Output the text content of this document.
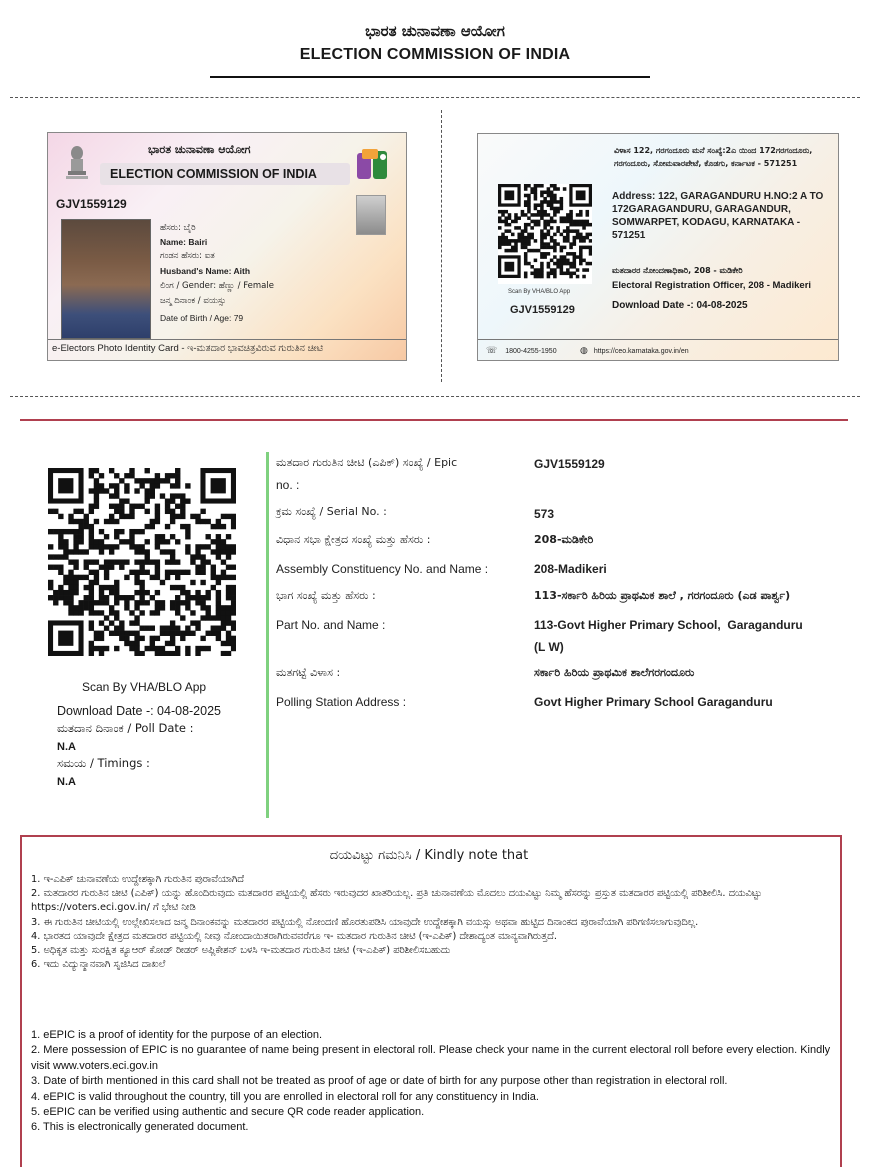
ಭಾರತ ಚುನಾವಣಾ ಆಯೋಗ
ELECTION COMMISSION OF INDIA
ಭಾರತ ಚುನಾವಣಾ ಆಯೋಗ
ELECTION COMMISSION OF INDIA
GJV1559129
ಹೆಸರು: ಬೈರಿ
Name: Bairi
ಗಂಡನ ಹೆಸರು: ಐತ
Husband's Name: Aith
ಲಿಂಗ / Gender: ಹೆಣ್ಣು / Female
ಜನ್ಮ ದಿನಾಂಕ / ವಯಸ್ಸು
Date of Birth / Age: 79
e-Electors Photo Identity Card - ಇ-ಮತದಾರ ಭಾವಚಿತ್ರವಿರುವ ಗುರುತಿನ ಚೀಟಿ
Scan By VHA/BLO App
GJV1559129
ವಿಳಾಸ 122, ಗರಗಂದೂರು ಮನೆ ಸಂಖ್ಯೆ:2ಎ ಯಿಂದ 172ಗರಗಂದೂರು, ಗರಗಂದೂರು, ಸೋಮವಾರಪೇಟೆ, ಕೊಡಗು, ಕರ್ನಾಟಕ - 571251
Address: 122, GARAGANDURU H.NO:2 A TO 172GARAGANDURU, GARAGANDUR, SOMWARPET, KODAGU, KARNATAKA - 571251
ಮತದಾರರ ನೋಂದಣಾಧಿಕಾರಿ, 208 - ಮಡಿಕೇರಿ
Electoral Registration Officer, 208 - Madikeri
Download Date -: 04-08-2025
☏ 1800-4255-1950	◍ https://ceo.karnataka.gov.in/en
Scan By VHA/BLO App
Download Date -: 04-08-2025
ಮತದಾನ ದಿನಾಂಕ / Poll Date :
N.A
ಸಮಯ / Timings :
N.A
ಮತದಾರ ಗುರುತಿನ ಚೀಟಿ (ಎಪಿಕ್) ಸಂಖ್ಯೆ / Epic
no. :
GJV1559129
ಕ್ರಮ ಸಂಖ್ಯೆ / Serial No. :	573
ವಿಧಾನ ಸಭಾ ಕ್ಷೇತ್ರದ ಸಂಖ್ಯೆ ಮತ್ತು ಹೆಸರು :	208-ಮಡಿಕೇರಿ
Assembly Constituency No. and Name :	208-Madikeri
ಭಾಗ ಸಂಖ್ಯೆ ಮತ್ತು ಹೆಸರು :	113-ಸರ್ಕಾರಿ ಹಿರಿಯ ಪ್ರಾಥಮಿಕ ಶಾಲೆ , ಗರಗಂದೂರು (ಎಡ ಪಾರ್ಶ್ವ)
Part No. and Name :	113-Govt Higher Primary School,  Garaganduru
(L W)
ಮತಗಟ್ಟೆ ವಿಳಾಸ :	ಸರ್ಕಾರಿ ಹಿರಿಯ ಪ್ರಾಥಮಿಕ ಶಾಲೆಗರಗಂದೂರು
Polling Station Address :	Govt Higher Primary School Garaganduru
ದಯವಿಟ್ಟು ಗಮನಿಸಿ / Kindly note that
1. ಇ-ಎಪಿಕ್ ಚುನಾವಣೆಯ ಉದ್ದೇಶಕ್ಕಾಗಿ ಗುರುತಿನ ಪುರಾವೆಯಾಗಿದೆ
2. ಮತದಾರರ ಗುರುತಿನ ಚೀಟಿ (ಎಪಿಕ್) ಯನ್ನು ಹೊಂದಿರುವುದು ಮತದಾರರ ಪಟ್ಟಿಯಲ್ಲಿ ಹೆಸರು ಇರುವುದರ ಖಾತರಿಯಲ್ಲ. ಪ್ರತಿ ಚುನಾವಣೆಯ ಮೊದಲು ದಯವಿಟ್ಟು ನಿಮ್ಮ ಹೆಸರನ್ನು ಪ್ರಸ್ತುತ ಮತದಾರರ ಪಟ್ಟಿಯಲ್ಲಿ ಪರಿಶೀಲಿಸಿ. ದಯವಿಟ್ಟು https://voters.eci.gov.in/ ಗೆ ಭೇಟಿ ನೀಡಿ
3. ಈ ಗುರುತಿನ ಚೀಟಿಯಲ್ಲಿ ಉಲ್ಲೇಖಿಸಲಾದ ಜನ್ಮ ದಿನಾಂಕವನ್ನು ಮತದಾರರ ಪಟ್ಟಿಯಲ್ಲಿ ನೋಂದಣಿ ಹೊರತುಪಡಿಸಿ ಯಾವುದೇ ಉದ್ದೇಶಕ್ಕಾಗಿ ವಯಸ್ಸು ಅಥವಾ ಹುಟ್ಟಿದ ದಿನಾಂಕದ ಪುರಾವೆಯಾಗಿ ಪರಿಗಣಿಸಲಾಗುವುದಿಲ್ಲ.
4. ಭಾರತದ ಯಾವುದೇ ಕ್ಷೇತ್ರದ ಮತದಾರರ ಪಟ್ಟಿಯಲ್ಲಿ ನೀವು ನೋಂದಾಯಿತರಾಗಿರುವವರೆಗೂ ಇ- ಮತದಾರ ಗುರುತಿನ ಚೀಟಿ (ಇ-ಎಪಿಕ್) ದೇಶಾದ್ಯಂತ ಮಾನ್ಯವಾಗಿರುತ್ತದೆ.
5. ಅಧಿಕೃತ ಮತ್ತು ಸುರಕ್ಷಿತ ಕ್ಯೂಆರ್ ಕೋಡ್ ರೀಡರ್ ಅಪ್ಲಿಕೇಶನ್ ಬಳಸಿ ಇ-ಮತದಾರ ಗುರುತಿನ ಚೀಟಿ (ಇ-ಎಪಿಕ್) ಪರಿಶೀಲಿಸಬಹುದು
6. ಇದು ವಿದ್ಯುನ್ಮಾನವಾಗಿ ಸೃಜಿಸಿದ ದಾಖಲೆ
1. eEPIC is a proof of identity for the purpose of an election.
2. Mere possession of EPIC is no guarantee of name being present in electoral roll. Please check your name in the current electoral roll before every election. Kindly visit www.voters.eci.gov.in
3. Date of birth mentioned in this card shall not be treated as proof of age or date of birth for any purpose other than registration in electoral roll.
4. eEPIC is valid throughout the country, till you are enrolled in electoral roll for any constituency in India.
5. eEPIC can be verified using authentic and secure QR code reader application.
6. This is electronically generated document.
